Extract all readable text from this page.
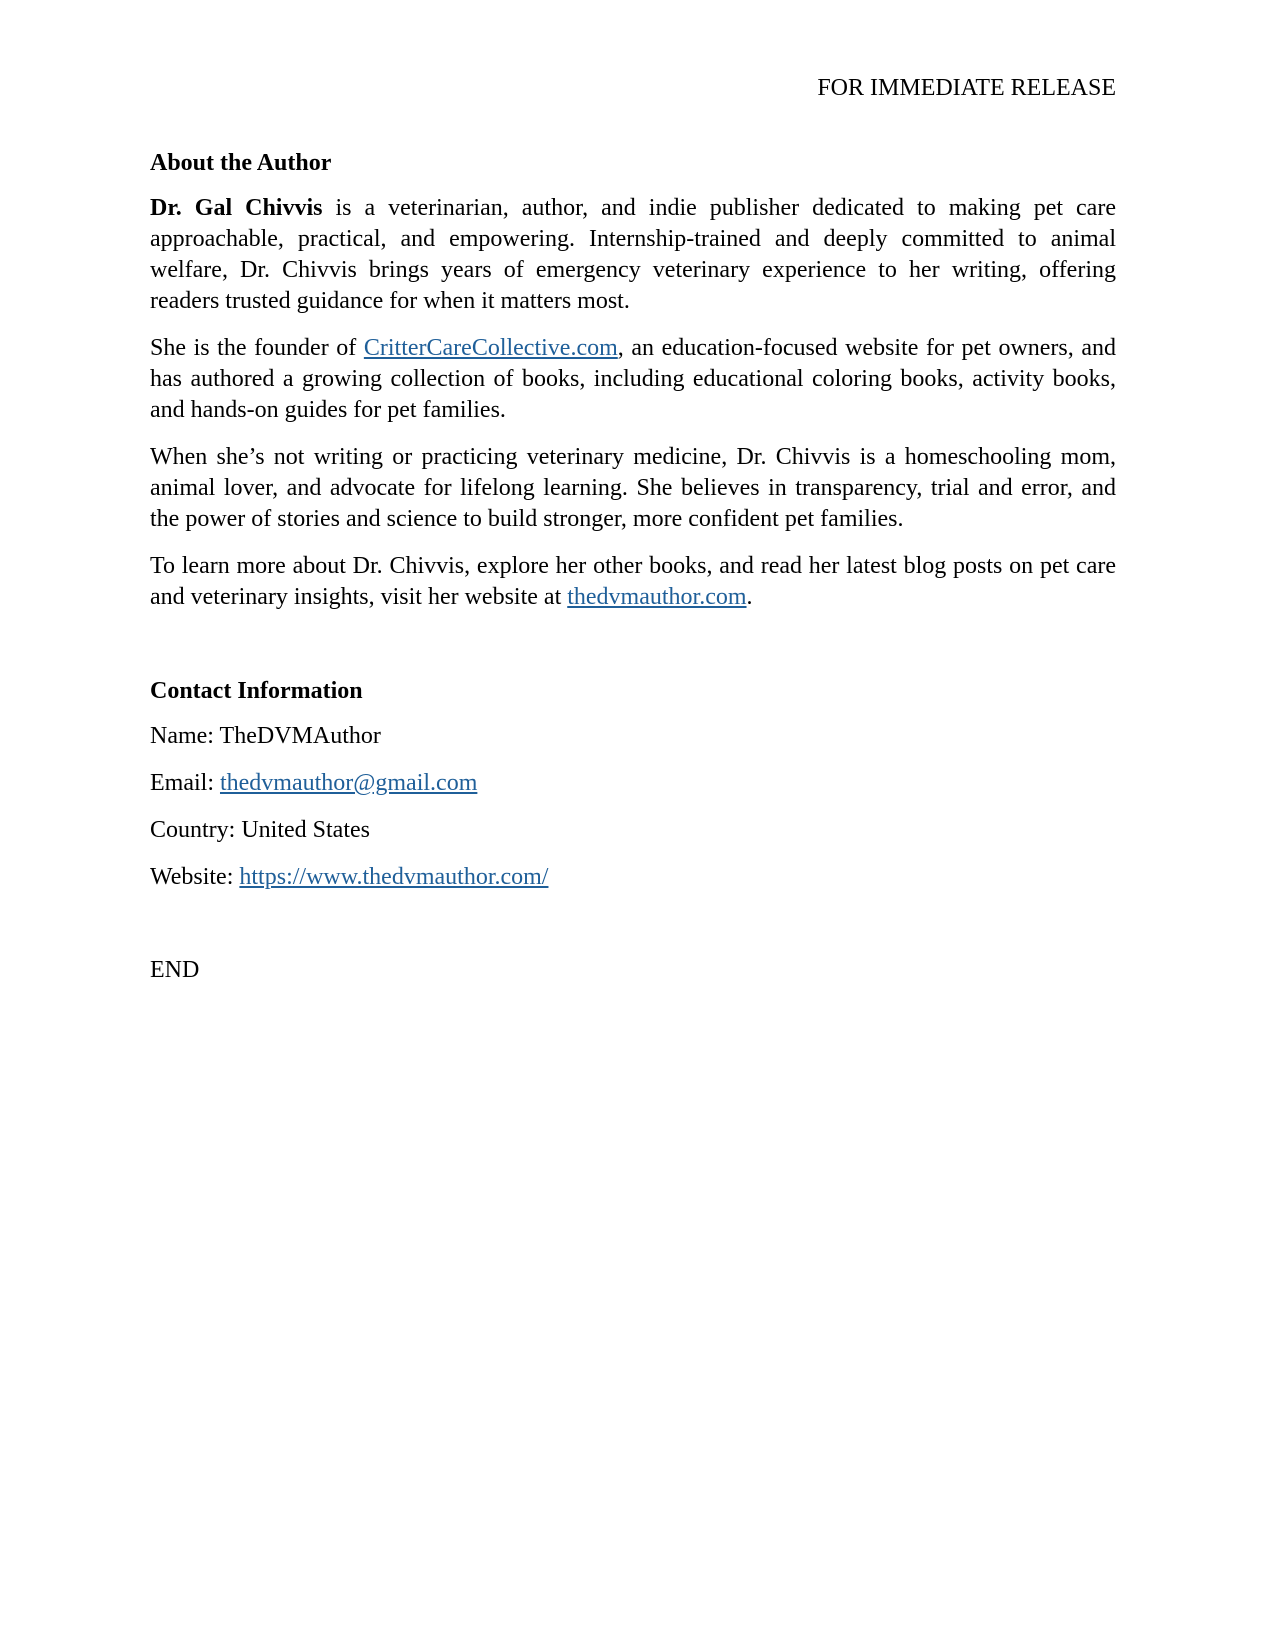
FOR IMMEDIATE RELEASE
About the Author

Dr. Gal Chivvis is a veterinarian, author, and indie publisher dedicated to making pet care approachable, practical, and empowering. Internship-trained and deeply committed to animal welfare, Dr. Chivvis brings years of emergency veterinary experience to her writing, offering readers trusted guidance for when it matters most.

She is the founder of CritterCareCollective.com, an education-focused website for pet owners, and has authored a growing collection of books, including educational coloring books, activity books, and hands-on guides for pet families.

When she’s not writing or practicing veterinary medicine, Dr. Chivvis is a homeschooling mom, animal lover, and advocate for lifelong learning. She believes in transparency, trial and error, and the power of stories and science to build stronger, more confident pet families.

To learn more about Dr. Chivvis, explore her other books, and read her latest blog posts on pet care and veterinary insights, visit her website at thedvmauthor.com.

Contact Information
Name: TheDVMAuthor
Email: thedvmauthor@gmail.com
Country: United States
Website: https://www.thedvmauthor.com/
END
